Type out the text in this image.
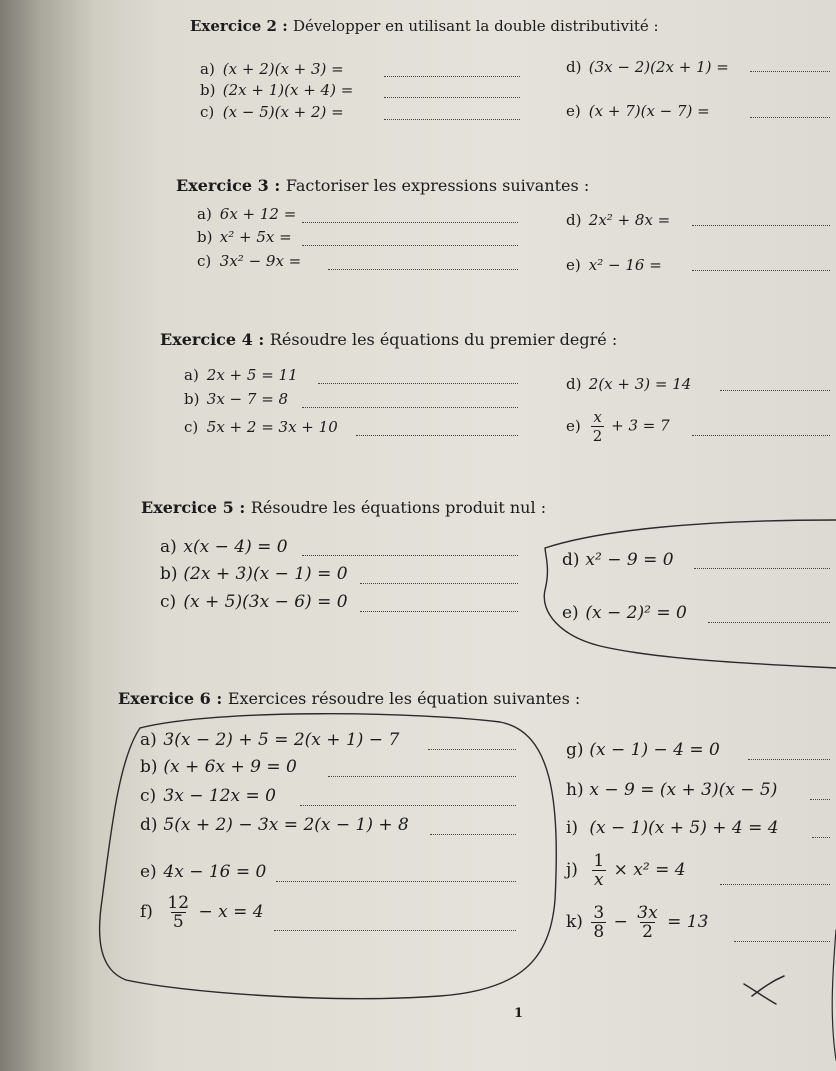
Exercice 2 : Développer en utilisant la double distributivité :
a) (x + 2)(x + 3) =
b) (2x + 1)(x + 4) =
c) (x − 5)(x + 2) =
d) (3x − 2)(2x + 1) =
e) (x + 7)(x − 7) =
Exercice 3 : Factoriser les expressions suivantes :
a) 6x + 12 =
b) x² + 5x =
c) 3x² − 9x =
d) 2x² + 8x =
e) x² − 16 =
Exercice 4 : Résoudre les équations du premier degré :
a) 2x + 5 = 11
b) 3x − 7 = 8
c) 5x + 2 = 3x + 10
d) 2(x + 3) = 14
$e) \frac{x}{2} + 3 = 7$
Exercice 5 : Résoudre les équations produit nul :
a) x(x − 4) = 0
b) (2x + 3)(x − 1) = 0
c) (x + 5)(3x − 6) = 0
d) x² − 9 = 0
e) (x − 2)² = 0
Exercice 6 : Exercices résoudre les équation suivantes :
a) 3(x − 2) + 5 = 2(x + 1) − 7
b) (x + 6x + 9 = 0
c) 3x − 12x = 0
d) 5(x + 2) − 3x = 2(x − 1) + 8
e) 4x − 16 = 0
$f) \frac{12}{5} - x = 4$
g) (x − 1) − 4 = 0
h) x − 9 = (x + 3)(x − 5)
i) (x − 1)(x + 5) + 4 = 4
$j) \frac{1}{x} \times x^2 = 4$
$k) \frac{3}{8} - \frac{3x}{2} = 13$
1
